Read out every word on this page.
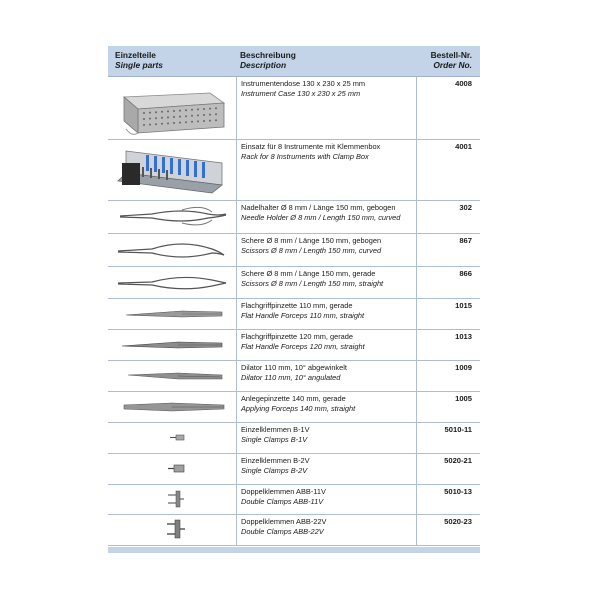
Einzelteile
Single parts
Beschreibung
Description
Bestell-Nr.
Order No.
Instrumentendose 130 x 230 x 25 mm
Instrument Case 130 x 230 x 25 mm
4008
Einsatz für 8 Instrumente mit Klemmenbox
Rack for 8 Instruments with Clamp Box
4001
Nadelhalter Ø 8 mm / Länge 150 mm, gebogen
Needle Holder Ø 8 mm / Length 150 mm, curved
302
Schere Ø 8 mm / Länge 150 mm, gebogen
Scissors Ø 8 mm / Length 150 mm, curved
867
Schere Ø 8 mm / Länge 150 mm, gerade
Scissors Ø 8 mm / Length 150 mm, straight
866
Flachgriffpinzette 110 mm, gerade
Flat Handle Forceps 110 mm, straight
1015
Flachgriffpinzette 120 mm, gerade
Flat Handle Forceps 120 mm, straight
1013
Dilator 110 mm, 10° abgewinkelt
Dilator 110 mm, 10° angulated
1009
Anlegepinzette 140 mm, gerade
Applying Forceps 140 mm, straight
1005
Einzelklemmen B-1V
Single Clamps B-1V
5010-11
Einzelklemmen B-2V
Single Clamps B-2V
5020-21
Doppelklemmen ABB-11V
Double Clamps ABB-11V
5010-13
Doppelklemmen ABB-22V
Double Clamps ABB-22V
5020-23
